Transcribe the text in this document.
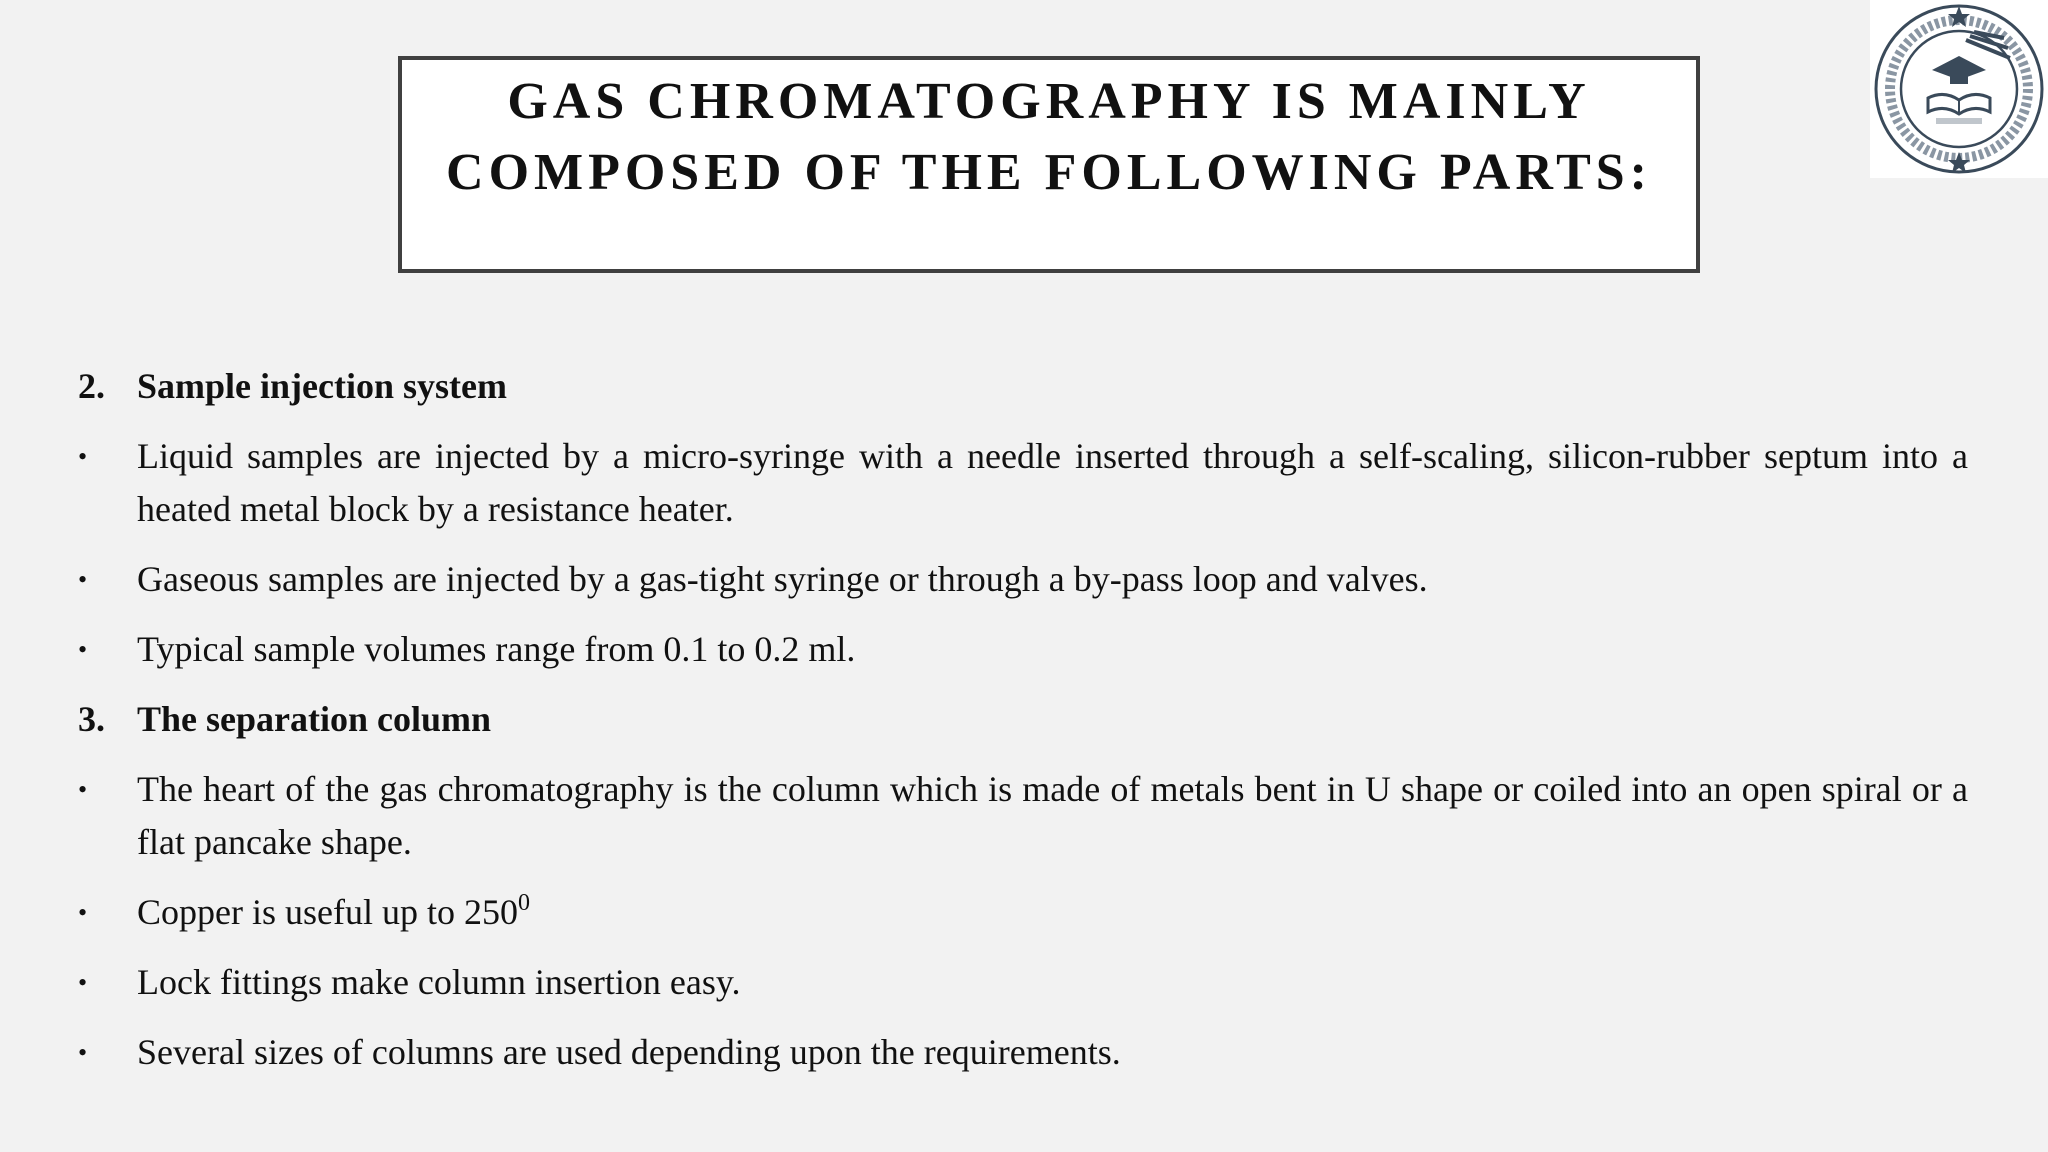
GAS CHROMATOGRAPHY IS MAINLY
COMPOSED OF THE FOLLOWING PARTS:
2. Sample injection system
• Liquid samples are injected by a micro-syringe with a needle inserted through a self-scaling, silicon-rubber septum into a heated metal block by a resistance heater.
• Gaseous samples are injected by a gas-tight syringe or through a by-pass loop and valves.
• Typical sample volumes range from 0.1 to 0.2 ml.
3. The separation column
• The heart of the gas chromatography is the column which is made of metals bent in U shape or coiled into an open spiral or a flat pancake shape.
• Copper is useful up to $250^0$
• Lock fittings make column insertion easy.
• Several sizes of columns are used depending upon the requirements.
